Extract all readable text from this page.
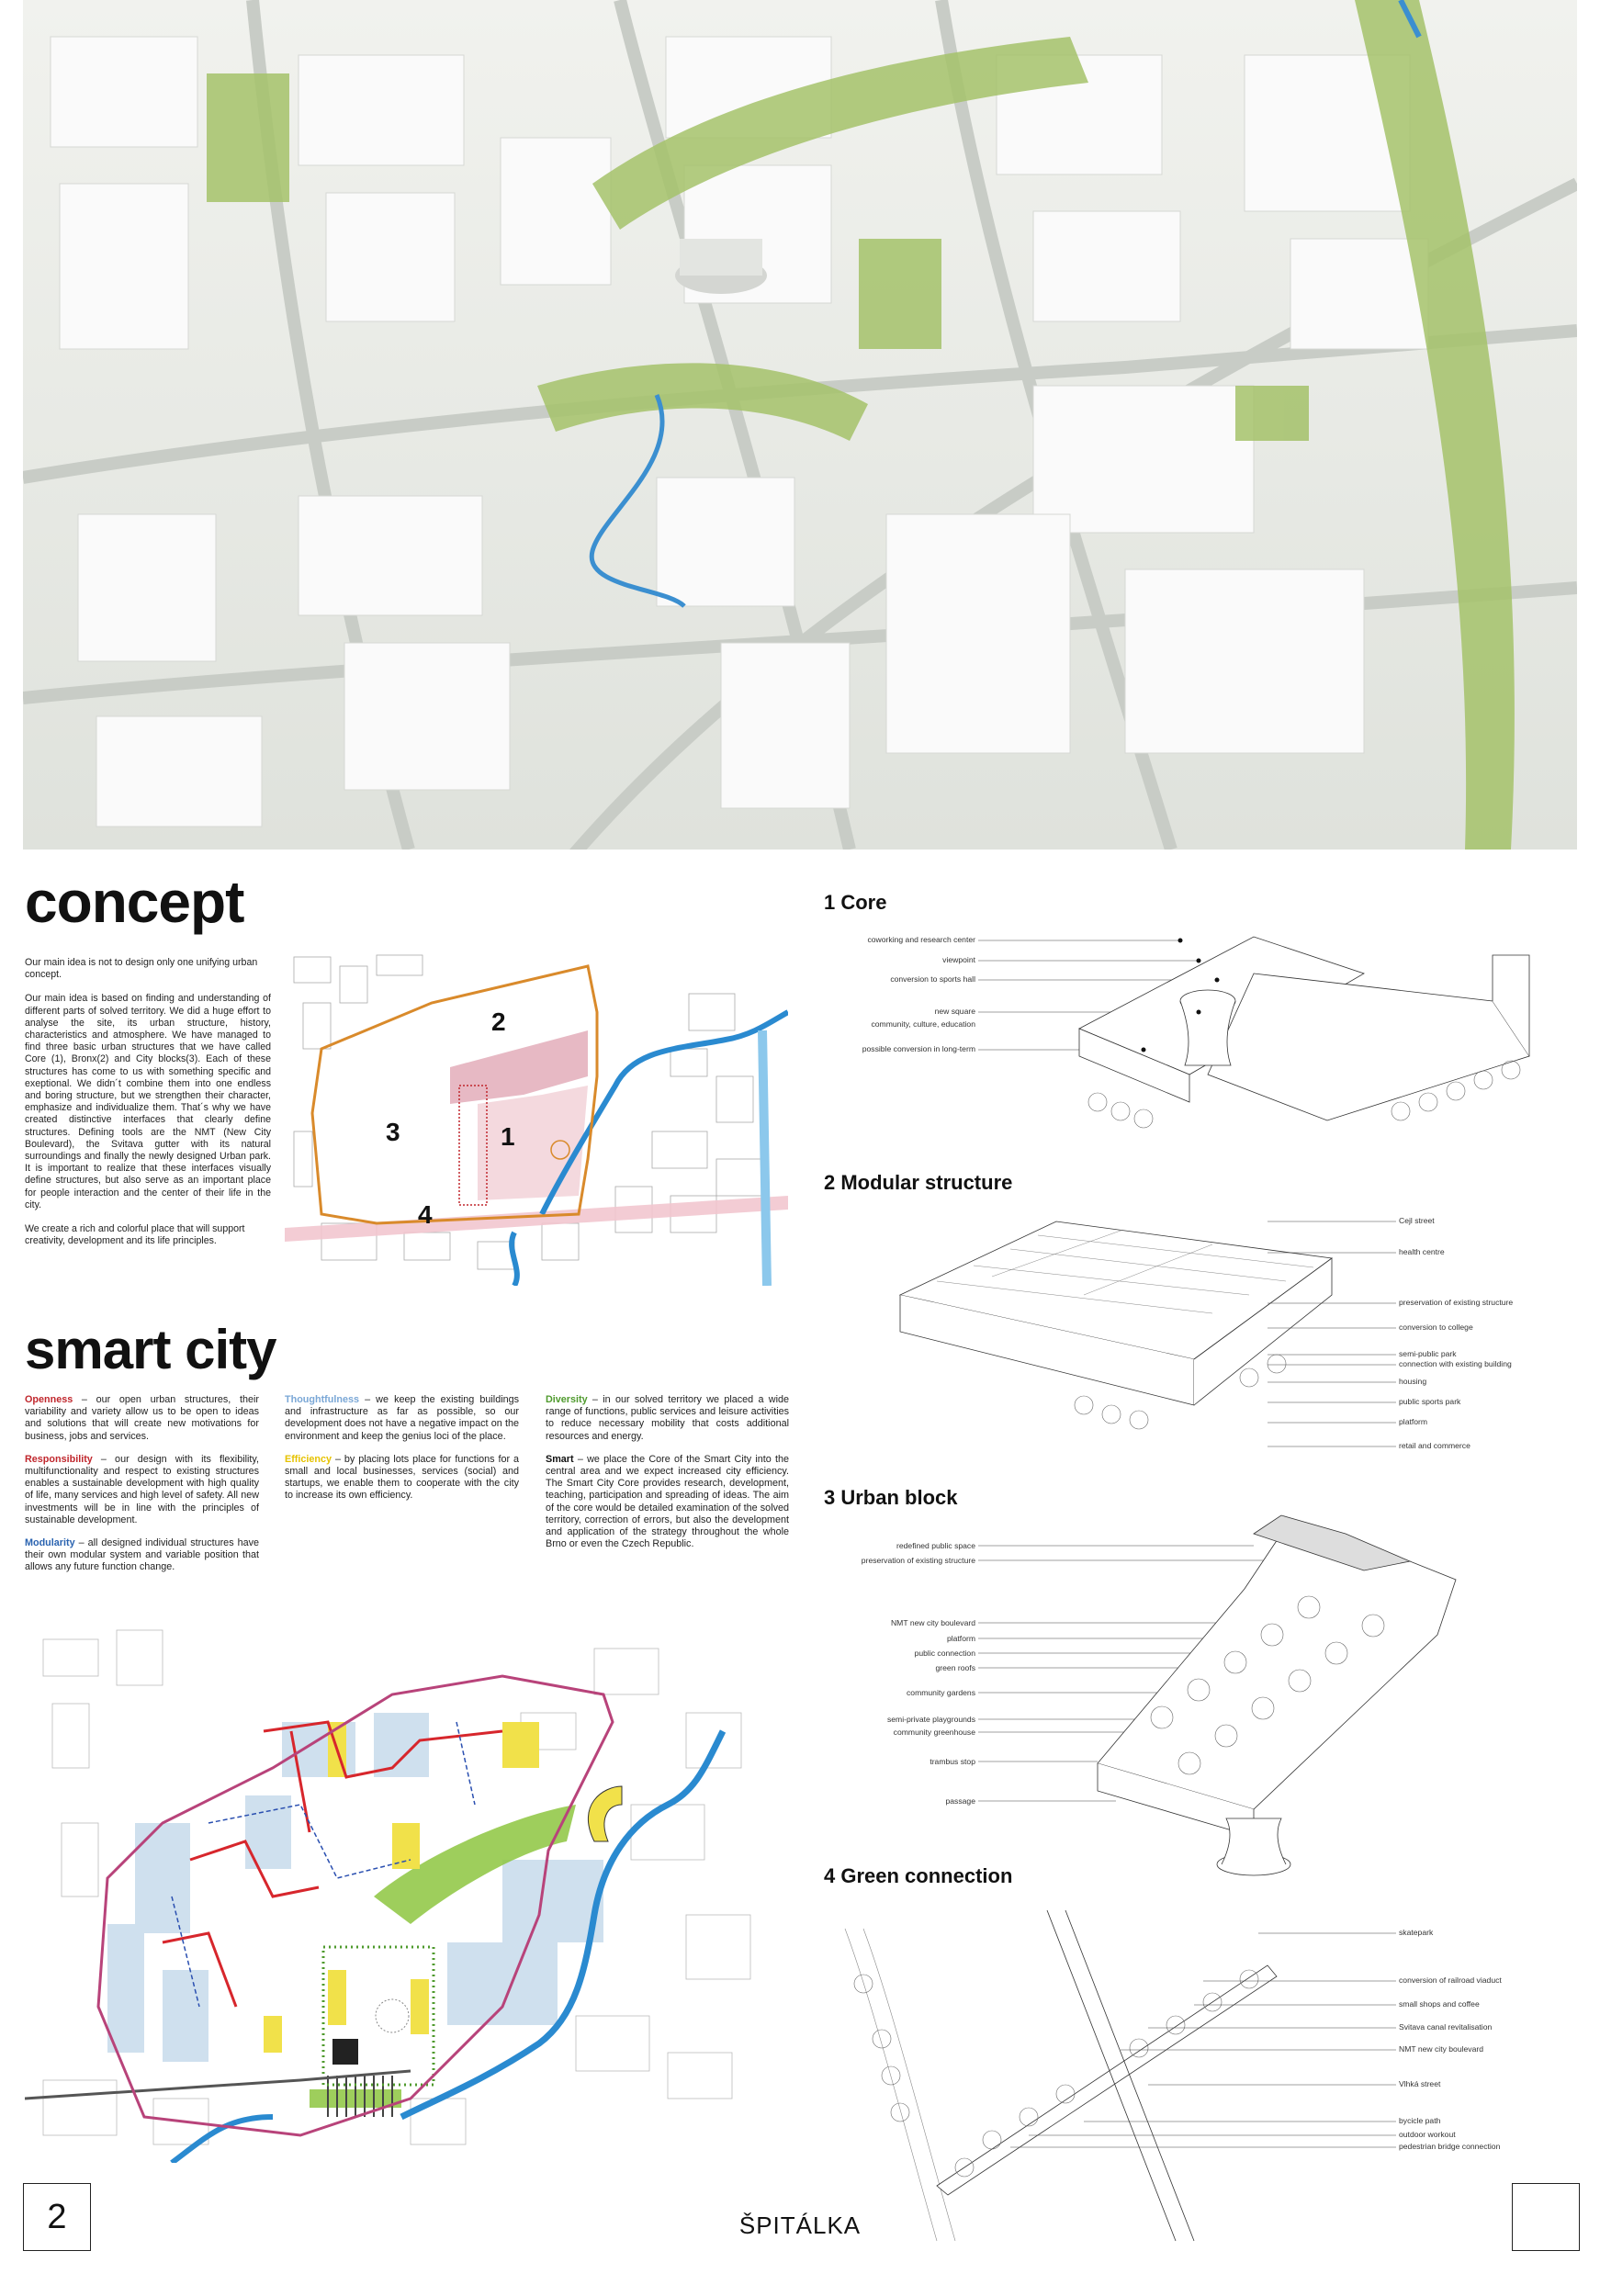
concept

Our main idea is not to design only one unifying urban concept.

Our main idea is based on finding and understanding of different parts of solved territory. We did a huge effort to analyse the site, its urban structure, history, characteristics and atmosphere. We have managed to find three basic urban structures that we have called Core (1), Bronx(2) and City blocks(3). Each of these structures has come to us with something specific and exeptional. We didn´t combine them into one endless and boring structure, but we strengthen their character, emphasize and individualize them. That´s why we have created distinctive interfaces that clearly define structures. Defining tools are the NMT (New City Boulevard), the Svitava gutter with its natural surroundings and finally the newly designed Urban park. It is important to realize that these interfaces visually define structures, but also serve as an important place for people interaction and the center of their life in the city.

We create a rich and colorful place that will support creativity, development and its life principles.

2
3	1
4
smart city

Openness – our open urban structures, their variability and variety allow us to be open to ideas and solutions that will create new motivations for business, jobs and services.

Responsibility – our design with its flexibility, multifunctionality and respect to existing structures enables a sustainable development with high quality of life, many services and high level of safety. All new investments will be in line with the principles of sustainable development.

Modularity – all designed individual structures have their own modular system and variable position that allows any future function change.

Thoughtfulness – we keep the existing buildings and infrastructure as far as possible, so our development does not have a negative impact on the environment and keep the genius loci of the place.

Efficiency – by placing lots place for functions for a small and local businesses, services (social) and startups, we enable them to cooperate with the city to increase its own efficiency.

Diversity – in our solved territory we placed a wide range of functions, public services and leisure activities to reduce necessary mobility that costs additional resources and energy.

Smart – we place the Core of the Smart City into the central area and we expect increased city efficiency. The Smart City Core provides research, development, teaching, participation and spreading of ideas. The aim of the core would be detailed examination of the solved territory, correction of errors, but also the development and application of the strategy throughout the whole Brno or even the Czech Republic.

1 Core
coworking and research center
viewpoint
conversion to sports hall
new square
community, culture, education
possible conversion in long-term
2 Modular structure
Cejl street
health centre
preservation of existing structure
conversion to college
semi-public park
connection with existing building
housing
public sports park
platform
retail and commerce
3 Urban block
redefined public space
preservation of existing structure
NMT new city boulevard
platform
public connection
green roofs
community gardens
semi-private playgrounds
community greenhouse
trambus stop
passage
4 Green connection
skatepark
conversion of railroad viaduct
small shops and coffee
Svitava canal revitalisation
NMT new city boulevard
Vlhká street
bycicle path
outdoor workout
pedestrian bridge connection
2	ŠPITÁLKA
